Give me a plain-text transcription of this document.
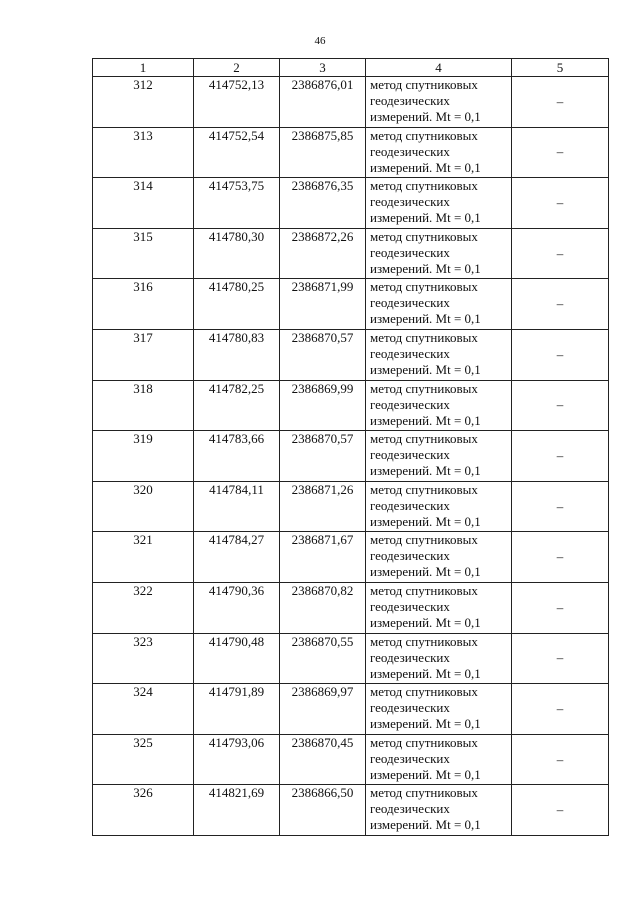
46
1	2	3	4	5
312	414752,13	2386876,01	метод спутниковых
геодезических
измерений. Mt = 0,1	–
313	414752,54	2386875,85	метод спутниковых
геодезических
измерений. Mt = 0,1	–
314	414753,75	2386876,35	метод спутниковых
геодезических
измерений. Mt = 0,1	–
315	414780,30	2386872,26	метод спутниковых
геодезических
измерений. Mt = 0,1	–
316	414780,25	2386871,99	метод спутниковых
геодезических
измерений. Mt = 0,1	–
317	414780,83	2386870,57	метод спутниковых
геодезических
измерений. Mt = 0,1	–
318	414782,25	2386869,99	метод спутниковых
геодезических
измерений. Mt = 0,1	–
319	414783,66	2386870,57	метод спутниковых
геодезических
измерений. Mt = 0,1	–
320	414784,11	2386871,26	метод спутниковых
геодезических
измерений. Mt = 0,1	–
321	414784,27	2386871,67	метод спутниковых
геодезических
измерений. Mt = 0,1	–
322	414790,36	2386870,82	метод спутниковых
геодезических
измерений. Mt = 0,1	–
323	414790,48	2386870,55	метод спутниковых
геодезических
измерений. Mt = 0,1	–
324	414791,89	2386869,97	метод спутниковых
геодезических
измерений. Mt = 0,1	–
325	414793,06	2386870,45	метод спутниковых
геодезических
измерений. Mt = 0,1	–
326	414821,69	2386866,50	метод спутниковых
геодезических
измерений. Mt = 0,1	–
